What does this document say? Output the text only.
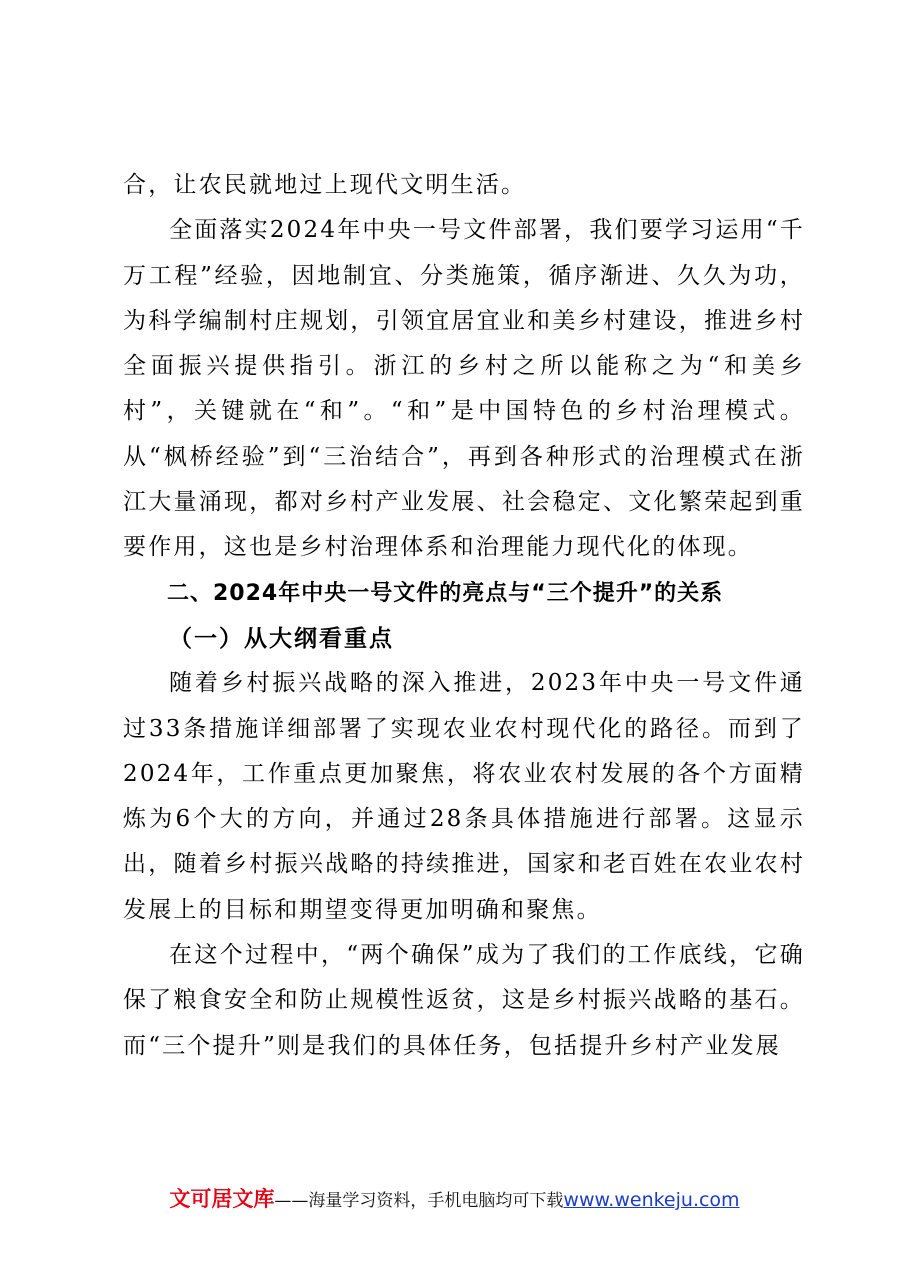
合，让农民就地过上现代文明生活。

全面落实2024年中央一号文件部署，我们要学习运用“千万工程”经验，因地制宜、分类施策，循序渐进、久久为功，为科学编制村庄规划，引领宜居宜业和美乡村建设，推进乡村全面振兴提供指引。浙江的乡村之所以能称之为“和美乡村”，关键就在“和”。“和”是中国特色的乡村治理模式。从“枫桥经验”到“三治结合”，再到各种形式的治理模式在浙江大量涌现，都对乡村产业发展、社会稳定、文化繁荣起到重要作用，这也是乡村治理体系和治理能力现代化的体现。

二、2024年中央一号文件的亮点与“三个提升”的关系
（一）从大纲看重点

随着乡村振兴战略的深入推进，2023年中央一号文件通过33条措施详细部署了实现农业农村现代化的路径。而到了2024年，工作重点更加聚焦，将农业农村发展的各个方面精炼为6个大的方向，并通过28条具体措施进行部署。这显示出，随着乡村振兴战略的持续推进，国家和老百姓在农业农村发展上的目标和期望变得更加明确和聚焦。

在这个过程中，“两个确保”成为了我们的工作底线，它确保了粮食安全和防止规模性返贫，这是乡村振兴战略的基石。而“三个提升”则是我们的具体任务，包括提升乡村产业发展

文可居文库——海量学习资料，手机电脑均可下载www.wenkeju.com
